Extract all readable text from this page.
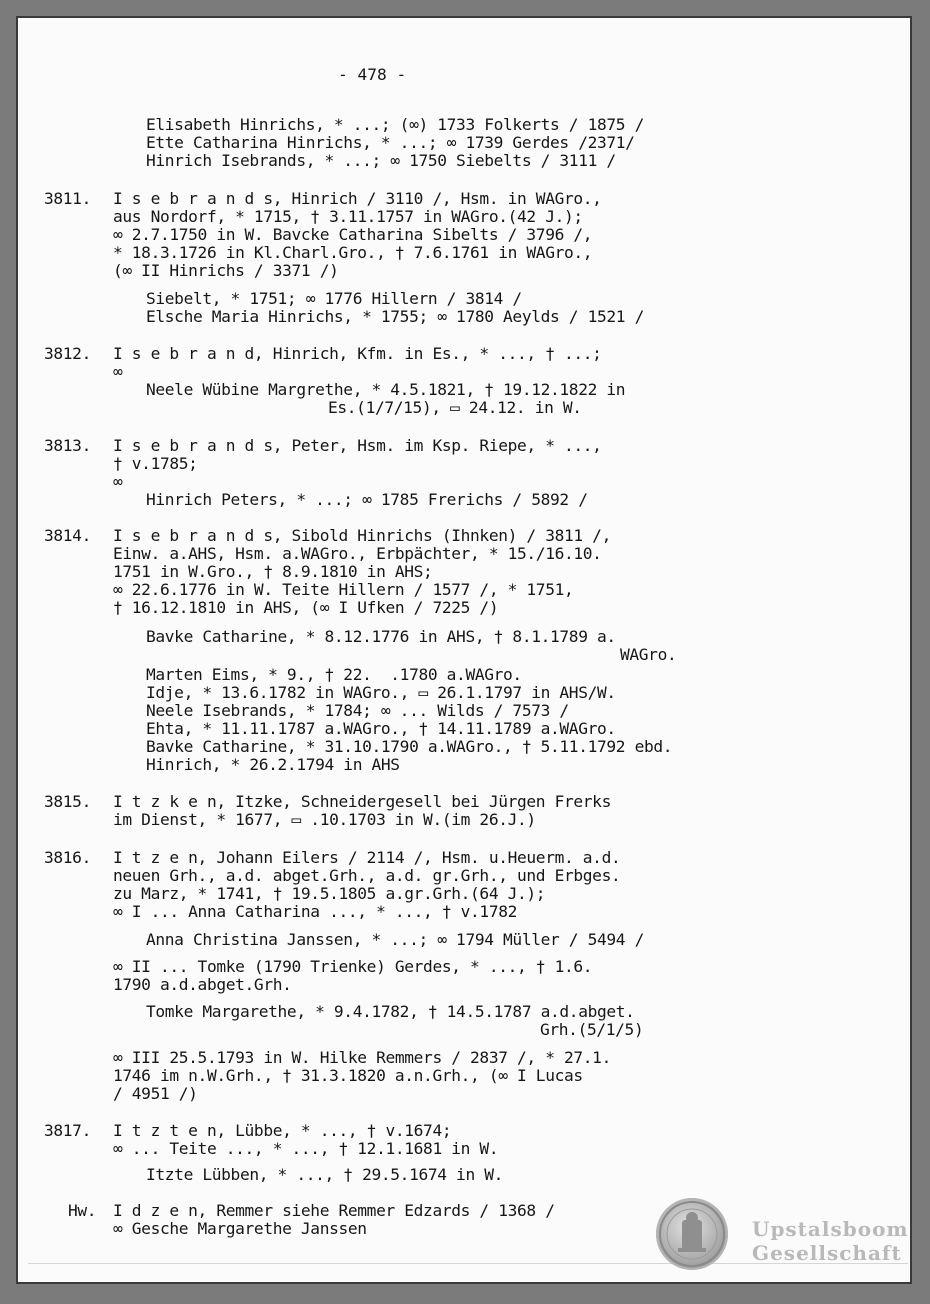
- 478 -
3811.
3812.
3813.
3814.
3815.
3816.
3817.
Hw.
Elisabeth Hinrichs, * ...; (∞) 1733 Folkerts / 1875 /
Ette Catharina Hinrichs, * ...; ∞ 1739 Gerdes /2371/
Hinrich Isebrands, * ...; ∞ 1750 Siebelts / 3111 /
I s e b r a n d s, Hinrich / 3110 /, Hsm. in WAGro.,
aus Nordorf, * 1715, † 3.11.1757 in WAGro.(42 J.);
∞ 2.7.1750 in W. Bavcke Catharina Sibelts / 3796 /,
* 18.3.1726 in Kl.Charl.Gro., † 7.6.1761 in WAGro.,
(∞ II Hinrichs / 3371 /)
Siebelt, * 1751; ∞ 1776 Hillern / 3814 /
Elsche Maria Hinrichs, * 1755; ∞ 1780 Aeylds / 1521 /
I s e b r a n d, Hinrich, Kfm. in Es., * ..., † ...;
∞
Neele Wübine Margrethe, * 4.5.1821, † 19.12.1822 in
Es.(1/7/15), ▭ 24.12. in W.
I s e b r a n d s, Peter, Hsm. im Ksp. Riepe, * ...,
† v.1785;
∞
Hinrich Peters, * ...; ∞ 1785 Frerichs / 5892 /
I s e b r a n d s, Sibold Hinrichs (Ihnken) / 3811 /,
Einw. a.AHS, Hsm. a.WAGro., Erbpächter, * 15./16.10.
1751 in W.Gro., † 8.9.1810 in AHS;
∞ 22.6.1776 in W. Teite Hillern / 1577 /, * 1751,
† 16.12.1810 in AHS, (∞ I Ufken / 7225 /)
Bavke Catharine, * 8.12.1776 in AHS, † 8.1.1789 a.
WAGro.
Marten Eims, * 9., † 22.  .1780 a.WAGro.
Idje, * 13.6.1782 in WAGro., ▭ 26.1.1797 in AHS/W.
Neele Isebrands, * 1784; ∞ ... Wilds / 7573 /
Ehta, * 11.11.1787 a.WAGro., † 14.11.1789 a.WAGro.
Bavke Catharine, * 31.10.1790 a.WAGro., † 5.11.1792 ebd.
Hinrich, * 26.2.1794 in AHS
I t z k e n, Itzke, Schneidergesell bei Jürgen Frerks
im Dienst, * 1677, ▭ .10.1703 in W.(im 26.J.)
I t z e n, Johann Eilers / 2114 /, Hsm. u.Heuerm. a.d.
neuen Grh., a.d. abget.Grh., a.d. gr.Grh., und Erbges.
zu Marz, * 1741, † 19.5.1805 a.gr.Grh.(64 J.);
∞ I ... Anna Catharina ..., * ..., † v.1782
Anna Christina Janssen, * ...; ∞ 1794 Müller / 5494 /
∞ II ... Tomke (1790 Trienke) Gerdes, * ..., † 1.6.
1790 a.d.abget.Grh.
Tomke Margarethe, * 9.4.1782, † 14.5.1787 a.d.abget.
Grh.(5/1/5)
∞ III 25.5.1793 in W. Hilke Remmers / 2837 /, * 27.1.
1746 im n.W.Grh., † 31.3.1820 a.n.Grh., (∞ I Lucas
/ 4951 /)
I t z t e n, Lübbe, * ..., † v.1674;
∞ ... Teite ..., * ..., † 12.1.1681 in W.
Itzte Lübben, * ..., † 29.5.1674 in W.
I d z e n, Remmer siehe Remmer Edzards / 1368 /
∞ Gesche Margarethe Janssen	Upstalsboom
Gesellschaft
